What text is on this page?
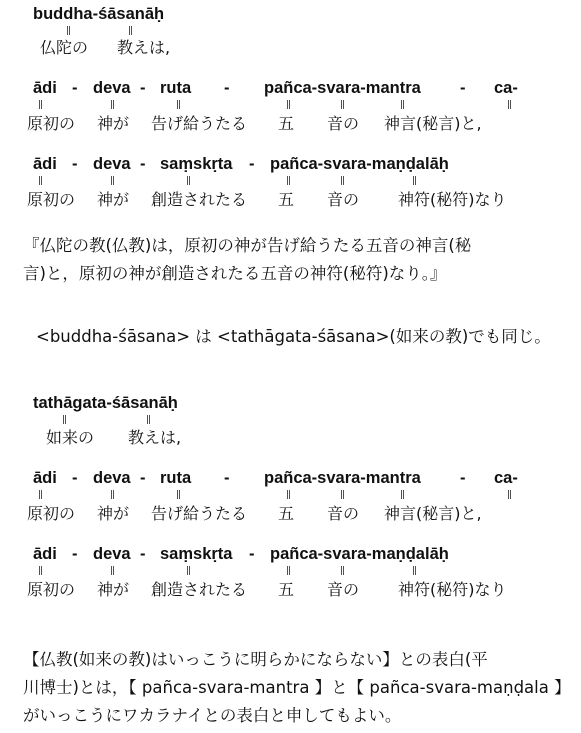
buddha-śāsanāḥ
||	||
仏陀の 教えは,
ādi - deva - ruta - pañca-svara-mantra - ca-
||	||	||	||	||	||	||
原初の 神が 告げ給うたる 五 音の 神言(秘言)と,
ādi - deva - saṃskṛta - pañca-svara-maṇḍalāḥ
||	||	||	||	||	||
原初の 神が 創造されたる 五 音の 神符(秘符)なり
『仏陀の教(仏教)は，原初の神が告げ給うたる五音の神言(秘
言)と，原初の神が創造されたる五音の神符(秘符)なり。』
<buddha-śāsana> は <tathāgata-śāsana>(如来の教)でも同じ。
tathāgata-śāsanāḥ
||	||
如来の 教えは,
ādi - deva - ruta - pañca-svara-mantra - ca-
||	||	||	||	||	||	||
原初の 神が 告げ給うたる 五 音の 神言(秘言)と,
ādi - deva - saṃskṛta - pañca-svara-maṇḍalāḥ
||	||	||	||	||	||
原初の 神が 創造されたる 五 音の 神符(秘符)なり
【仏教(如来の教)はいっこうに明らかにならない】との表白(平
川博士)とは，【 pañca-svara-mantra 】と【 pañca-svara-maṇḍala 】
がいっこうにワカラナイとの表白と申してもよい。
